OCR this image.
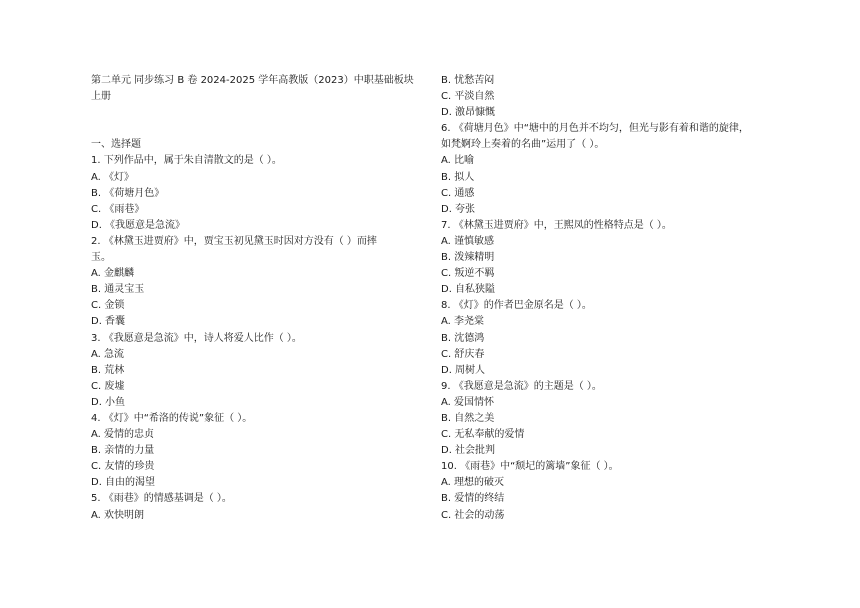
第二单元 同步练习 B 卷 2024-2025 学年高教版（2023）中职基础板块
上册
一、选择题
1. 下列作品中，属于朱自清散文的是（ ）。
A. 《灯》
B. 《荷塘月色》
C. 《雨巷》
D. 《我愿意是急流》
2. 《林黛玉进贾府》中，贾宝玉初见黛玉时因对方没有（ ）而摔
玉。
A. 金麒麟
B. 通灵宝玉
C. 金锁
D. 香囊
3. 《我愿意是急流》中，诗人将爱人比作（ ）。
A. 急流
B. 荒林
C. 废墟
D. 小鱼
4. 《灯》中“希洛的传说”象征（ ）。
A. 爱情的忠贞
B. 亲情的力量
C. 友情的珍贵
D. 自由的渴望
5. 《雨巷》的情感基调是（ ）。
A. 欢快明朗
B. 忧愁苦闷
C. 平淡自然
D. 激昂慷慨
6. 《荷塘月色》中“塘中的月色并不均匀，但光与影有着和谐的旋律，
如梵婀玲上奏着的名曲”运用了（ ）。
A. 比喻
B. 拟人
C. 通感
D. 夸张
7. 《林黛玉进贾府》中，王熙凤的性格特点是（ ）。
A. 谨慎敏感
B. 泼辣精明
C. 叛逆不羁
D. 自私狭隘
8. 《灯》的作者巴金原名是（ ）。
A. 李尧棠
B. 沈德鸿
C. 舒庆春
D. 周树人
9. 《我愿意是急流》的主题是（ ）。
A. 爱国情怀
B. 自然之美
C. 无私奉献的爱情
D. 社会批判
10. 《雨巷》中“颓圮的篱墙”象征（ ）。
A. 理想的破灭
B. 爱情的终结
C. 社会的动荡
